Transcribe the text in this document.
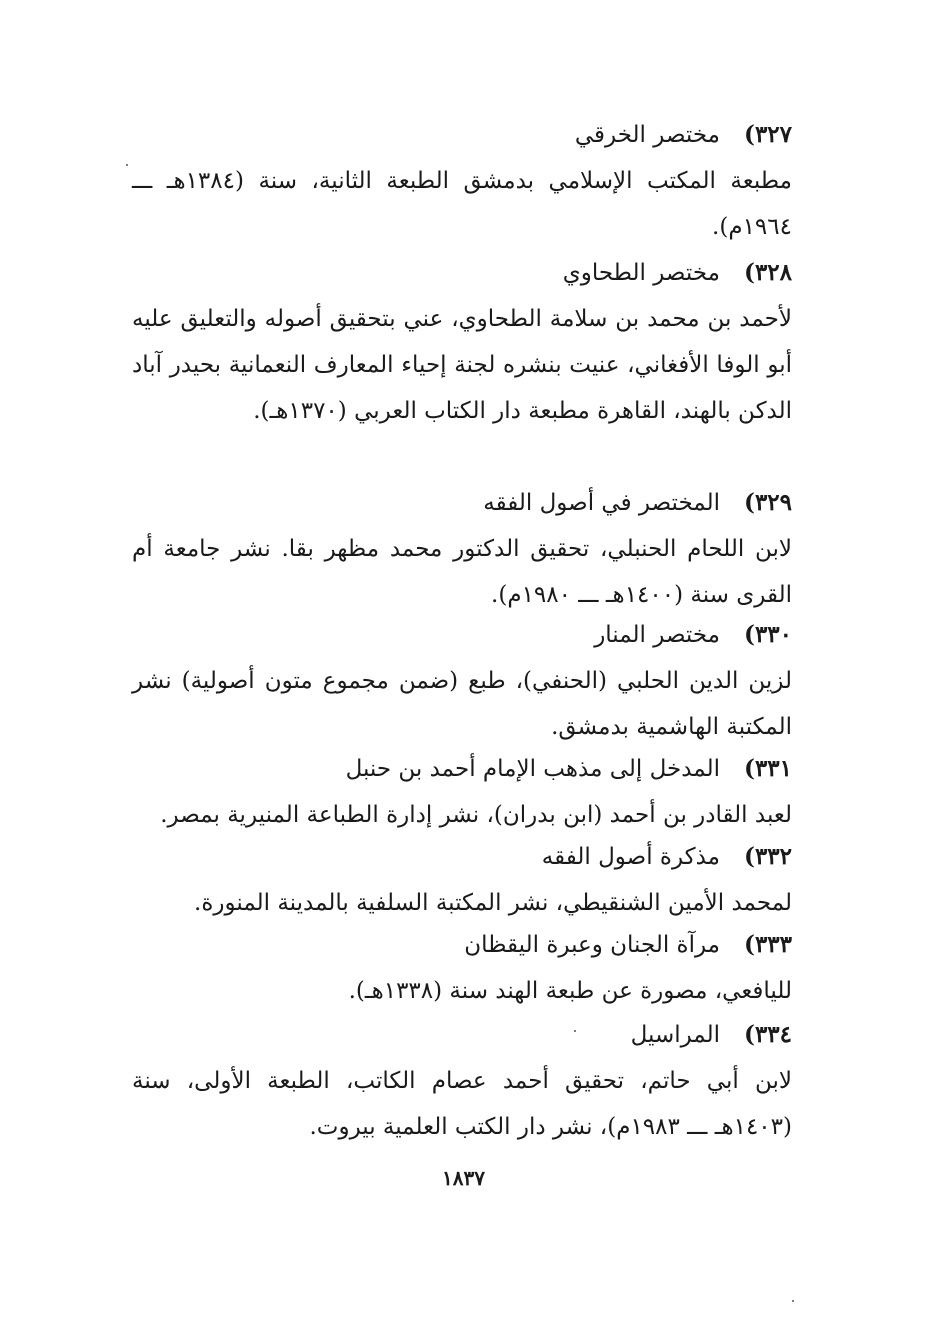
٣٢٧)
مختصر الخرقي
مطبعة المكتب الإسلامي بدمشق الطبعة الثانية، سنة (١٣٨٤هـ ـــ ١٩٦٤م).
٣٢٨)
مختصر الطحاوي
لأحمد بن محمد بن سلامة الطحاوي، عني بتحقيق أصوله والتعليق عليه أبو الوفا الأفغاني، عنيت بنشره لجنة إحياء المعارف النعمانية بحيدر آباد الدكن بالهند، القاهرة مطبعة دار الكتاب العربي (١٣٧٠هـ).
٣٢٩)
المختصر في أصول الفقه
لابن اللحام الحنبلي، تحقيق الدكتور محمد مظهر بقا. نشر جامعة أم القرى سنة (١٤٠٠هـ ـــ ١٩٨٠م).
٣٣٠)
مختصر المنار
لزين الدين الحلبي (الحنفي)، طبع (ضمن مجموع متون أصولية) نشر المكتبة الهاشمية بدمشق.
٣٣١)
المدخل إلى مذهب الإمام أحمد بن حنبل
لعبد القادر بن أحمد (ابن بدران)، نشر إدارة الطباعة المنيرية بمصر.
٣٣٢)
مذكرة أصول الفقه
لمحمد الأمين الشنقيطي، نشر المكتبة السلفية بالمدينة المنورة.
٣٣٣)
مرآة الجنان وعبرة اليقظان
لليافعي، مصورة عن طبعة الهند سنة (١٣٣٨هـ).
٣٣٤)
المراسيل
لابن أبي حاتم، تحقيق أحمد عصام الكاتب، الطبعة الأولى، سنة (١٤٠٣هـ ـــ ١٩٨٣م)، نشر دار الكتب العلمية بيروت.
١٨٣٧
